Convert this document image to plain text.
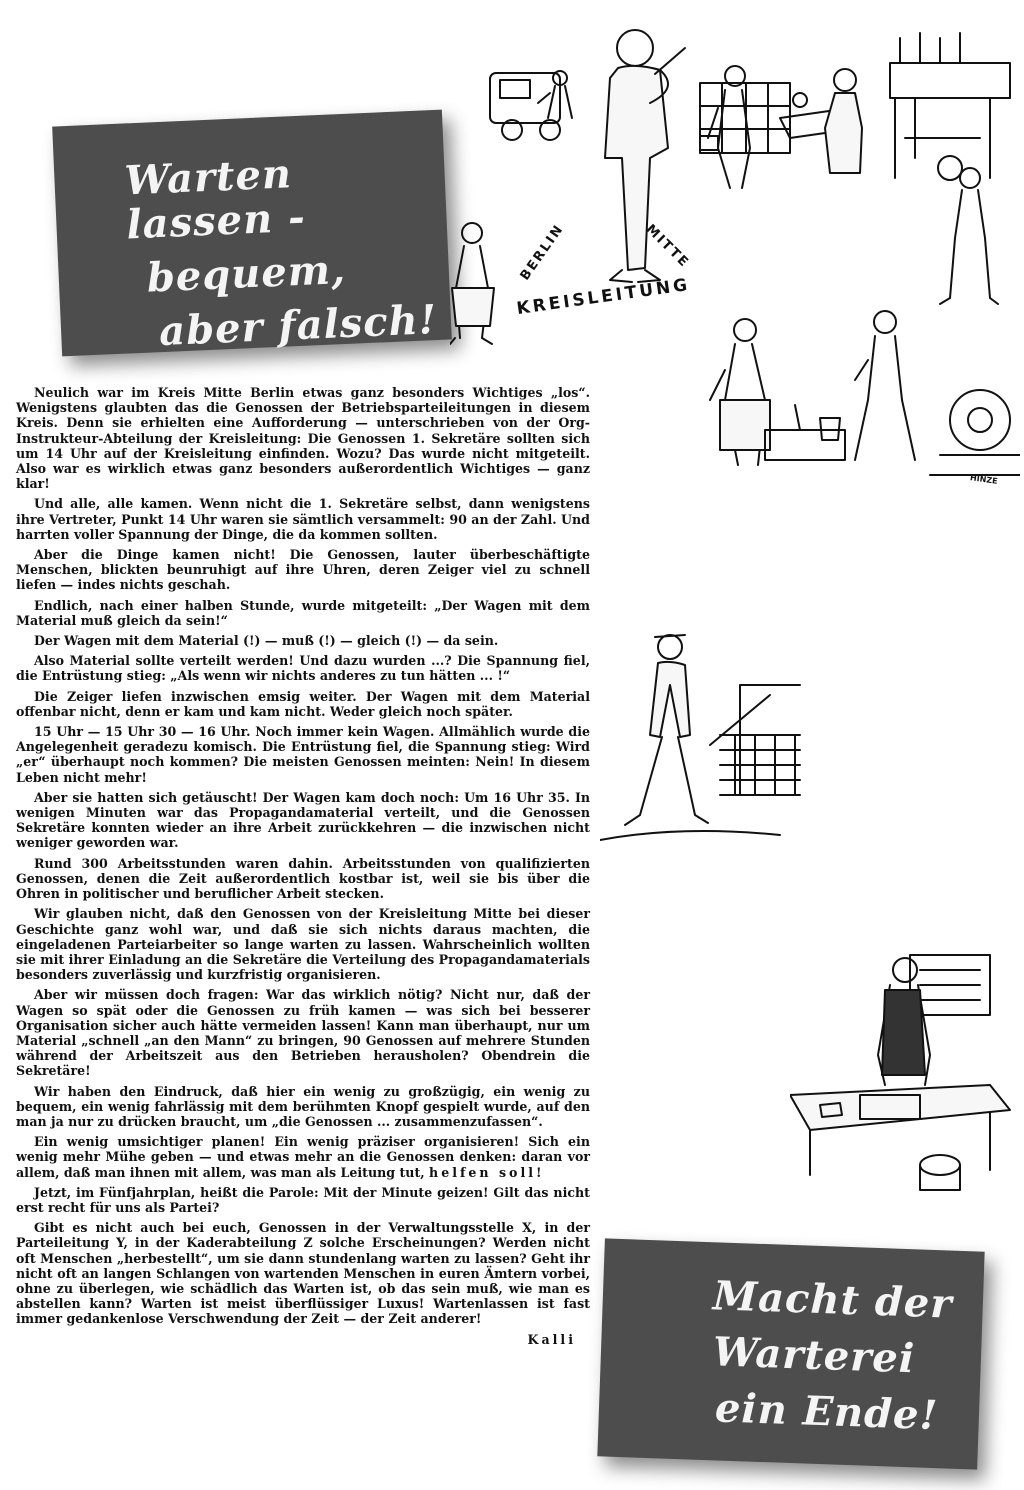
Warten lassen -
bequem,
aber falsch!
BERLIN	MITTE
KREISLEITUNG
HINZE

Neulich war im Kreis Mitte Berlin etwas ganz besonders Wichtiges „los“. Wenigstens glaubten das die Genossen der Betriebsparteileitungen in diesem Kreis. Denn sie erhielten eine Aufforderung — unterschrieben von der Org-Instrukteur-Abteilung der Kreisleitung: Die Genossen 1. Sekretäre sollten sich um 14 Uhr auf der Kreisleitung einfinden. Wozu? Das wurde nicht mitgeteilt. Also war es wirklich etwas ganz besonders außerordentlich Wichtiges — ganz klar!

Und alle, alle kamen. Wenn nicht die 1. Sekretäre selbst, dann wenigstens ihre Vertreter, Punkt 14 Uhr waren sie sämtlich versammelt: 90 an der Zahl. Und harrten voller Spannung der Dinge, die da kommen sollten.

Aber die Dinge kamen nicht! Die Genossen, lauter überbeschäftigte Menschen, blickten beunruhigt auf ihre Uhren, deren Zeiger viel zu schnell liefen — indes nichts geschah.

Endlich, nach einer halben Stunde, wurde mitgeteilt: „Der Wagen mit dem Material muß gleich da sein!“

Der Wagen mit dem Material (!) — muß (!) — gleich (!) — da sein.

Also Material sollte verteilt werden! Und dazu wurden ...? Die Spannung fiel, die Entrüstung stieg: „Als wenn wir nichts anderes zu tun hätten ... !“

Die Zeiger liefen inzwischen emsig weiter. Der Wagen mit dem Material offenbar nicht, denn er kam und kam nicht. Weder gleich noch später.

15 Uhr — 15 Uhr 30 — 16 Uhr. Noch immer kein Wagen. Allmählich wurde die Angelegenheit geradezu komisch. Die Entrüstung fiel, die Spannung stieg: Wird „er“ überhaupt noch kommen? Die meisten Genossen meinten: Nein! In diesem Leben nicht mehr!

Aber sie hatten sich getäuscht! Der Wagen kam doch noch: Um 16 Uhr 35. In wenigen Minuten war das Propagandamaterial verteilt, und die Genossen Sekretäre konnten wieder an ihre Arbeit zurückkehren — die inzwischen nicht weniger geworden war.

Rund 300 Arbeitsstunden waren dahin. Arbeitsstunden von qualifizierten Genossen, denen die Zeit außerordentlich kostbar ist, weil sie bis über die Ohren in politischer und beruflicher Arbeit stecken.

Wir glauben nicht, daß den Genossen von der Kreisleitung Mitte bei dieser Geschichte ganz wohl war, und daß sie sich nichts daraus machten, die eingeladenen Parteiarbeiter so lange warten zu lassen. Wahrscheinlich wollten sie mit ihrer Einladung an die Sekretäre die Verteilung des Propagandamaterials besonders zuverlässig und kurzfristig organisieren.

Aber wir müssen doch fragen: War das wirklich nötig? Nicht nur, daß der Wagen so spät oder die Genossen zu früh kamen — was sich bei besserer Organisation sicher auch hätte vermeiden lassen! Kann man überhaupt, nur um Material „schnell „an den Mann“ zu bringen, 90 Genossen auf mehrere Stunden während der Arbeitszeit aus den Betrieben herausholen? Obendrein die Sekretäre!

Wir haben den Eindruck, daß hier ein wenig zu großzügig, ein wenig zu bequem, ein wenig fahrlässig mit dem berühmten Knopf gespielt wurde, auf den man ja nur zu drücken braucht, um „die Genossen ... zusammenzufassen“.

Ein wenig umsichtiger planen! Ein wenig präziser organisieren! Sich ein wenig mehr Mühe geben — und etwas mehr an die Genossen denken: daran vor allem, daß man ihnen mit allem, was man als Leitung tut, helfen soll!

Jetzt, im Fünfjahrplan, heißt die Parole: Mit der Minute geizen! Gilt das nicht erst recht für uns als Partei?

Gibt es nicht auch bei euch, Genossen in der Verwaltungsstelle X, in der Parteileitung Y, in der Kaderabteilung Z solche Erscheinungen? Werden nicht oft Menschen „herbestellt“, um sie dann stundenlang warten zu lassen? Geht ihr nicht oft an langen Schlangen von wartenden Menschen in euren Ämtern vorbei, ohne zu überlegen, wie schädlich das Warten ist, ob das sein muß, wie man es abstellen kann? Warten ist meist überflüssiger Luxus! Wartenlassen ist fast immer gedankenlose Verschwendung der Zeit — der Zeit anderer!

Kalli
Macht der
Warterei
ein Ende!
